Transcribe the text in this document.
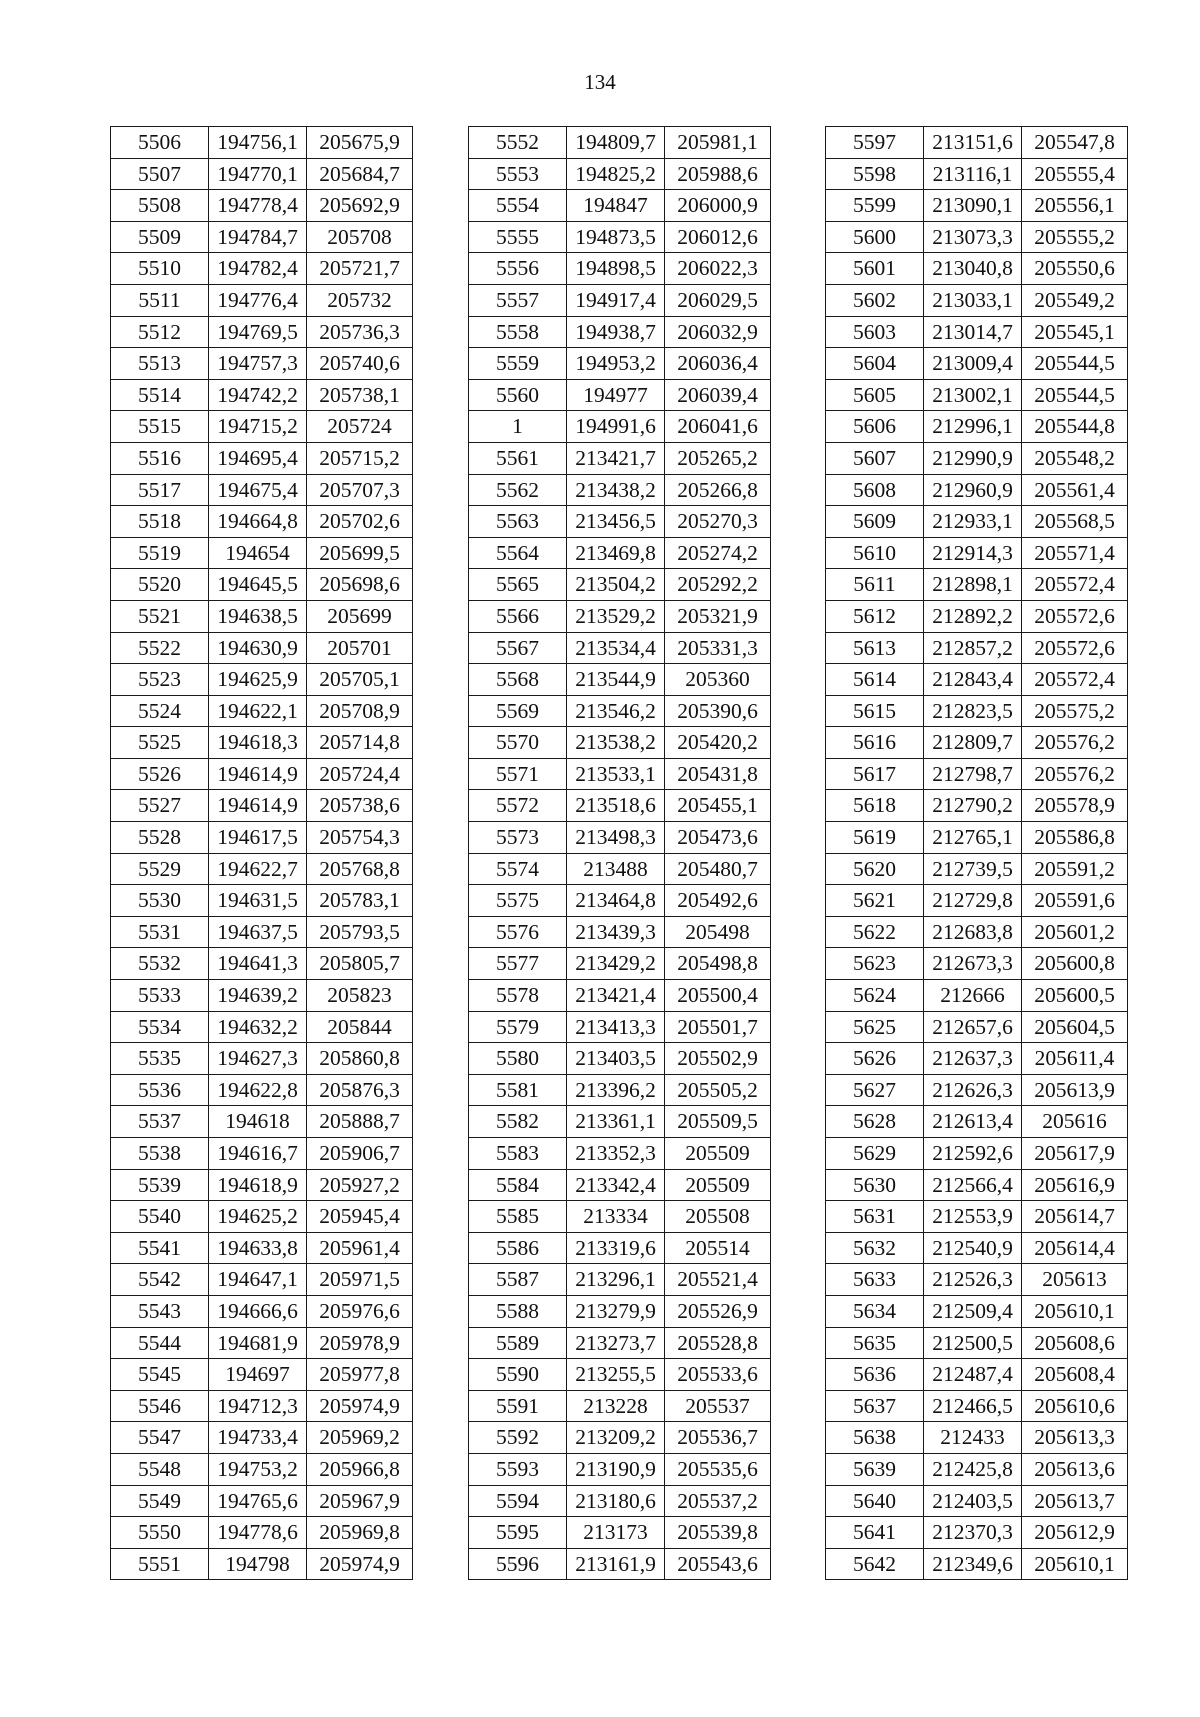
134
5506	194756,1	205675,9
5507	194770,1	205684,7
5508	194778,4	205692,9
5509	194784,7	205708
5510	194782,4	205721,7
5511	194776,4	205732
5512	194769,5	205736,3
5513	194757,3	205740,6
5514	194742,2	205738,1
5515	194715,2	205724
5516	194695,4	205715,2
5517	194675,4	205707,3
5518	194664,8	205702,6
5519	194654	205699,5
5520	194645,5	205698,6
5521	194638,5	205699
5522	194630,9	205701
5523	194625,9	205705,1
5524	194622,1	205708,9
5525	194618,3	205714,8
5526	194614,9	205724,4
5527	194614,9	205738,6
5528	194617,5	205754,3
5529	194622,7	205768,8
5530	194631,5	205783,1
5531	194637,5	205793,5
5532	194641,3	205805,7
5533	194639,2	205823
5534	194632,2	205844
5535	194627,3	205860,8
5536	194622,8	205876,3
5537	194618	205888,7
5538	194616,7	205906,7
5539	194618,9	205927,2
5540	194625,2	205945,4
5541	194633,8	205961,4
5542	194647,1	205971,5
5543	194666,6	205976,6
5544	194681,9	205978,9
5545	194697	205977,8
5546	194712,3	205974,9
5547	194733,4	205969,2
5548	194753,2	205966,8
5549	194765,6	205967,9
5550	194778,6	205969,8
5551	194798	205974,9
5552	194809,7	205981,1
5553	194825,2	205988,6
5554	194847	206000,9
5555	194873,5	206012,6
5556	194898,5	206022,3
5557	194917,4	206029,5
5558	194938,7	206032,9
5559	194953,2	206036,4
5560	194977	206039,4
1	194991,6	206041,6
5561	213421,7	205265,2
5562	213438,2	205266,8
5563	213456,5	205270,3
5564	213469,8	205274,2
5565	213504,2	205292,2
5566	213529,2	205321,9
5567	213534,4	205331,3
5568	213544,9	205360
5569	213546,2	205390,6
5570	213538,2	205420,2
5571	213533,1	205431,8
5572	213518,6	205455,1
5573	213498,3	205473,6
5574	213488	205480,7
5575	213464,8	205492,6
5576	213439,3	205498
5577	213429,2	205498,8
5578	213421,4	205500,4
5579	213413,3	205501,7
5580	213403,5	205502,9
5581	213396,2	205505,2
5582	213361,1	205509,5
5583	213352,3	205509
5584	213342,4	205509
5585	213334	205508
5586	213319,6	205514
5587	213296,1	205521,4
5588	213279,9	205526,9
5589	213273,7	205528,8
5590	213255,5	205533,6
5591	213228	205537
5592	213209,2	205536,7
5593	213190,9	205535,6
5594	213180,6	205537,2
5595	213173	205539,8
5596	213161,9	205543,6
5597	213151,6	205547,8
5598	213116,1	205555,4
5599	213090,1	205556,1
5600	213073,3	205555,2
5601	213040,8	205550,6
5602	213033,1	205549,2
5603	213014,7	205545,1
5604	213009,4	205544,5
5605	213002,1	205544,5
5606	212996,1	205544,8
5607	212990,9	205548,2
5608	212960,9	205561,4
5609	212933,1	205568,5
5610	212914,3	205571,4
5611	212898,1	205572,4
5612	212892,2	205572,6
5613	212857,2	205572,6
5614	212843,4	205572,4
5615	212823,5	205575,2
5616	212809,7	205576,2
5617	212798,7	205576,2
5618	212790,2	205578,9
5619	212765,1	205586,8
5620	212739,5	205591,2
5621	212729,8	205591,6
5622	212683,8	205601,2
5623	212673,3	205600,8
5624	212666	205600,5
5625	212657,6	205604,5
5626	212637,3	205611,4
5627	212626,3	205613,9
5628	212613,4	205616
5629	212592,6	205617,9
5630	212566,4	205616,9
5631	212553,9	205614,7
5632	212540,9	205614,4
5633	212526,3	205613
5634	212509,4	205610,1
5635	212500,5	205608,6
5636	212487,4	205608,4
5637	212466,5	205610,6
5638	212433	205613,3
5639	212425,8	205613,6
5640	212403,5	205613,7
5641	212370,3	205612,9
5642	212349,6	205610,1
